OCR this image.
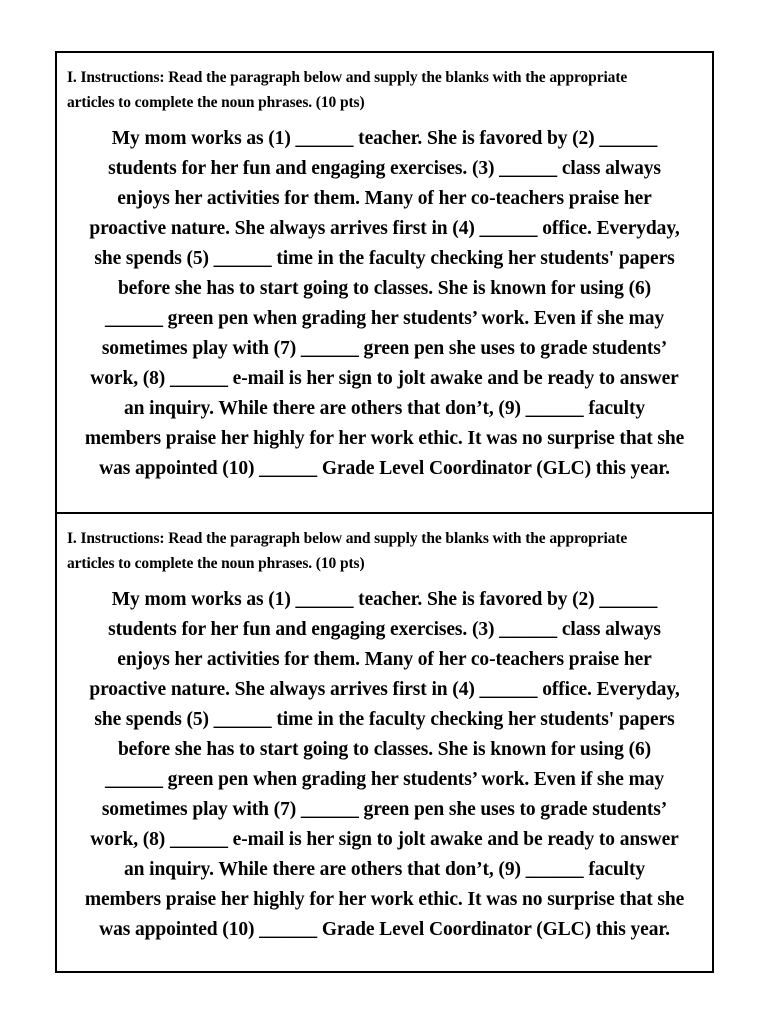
I. Instructions: Read the paragraph below and supply the blanks with the appropriate
articles to complete the noun phrases. (10 pts)

My mom works as (1) ______ teacher. She is favored by (2) ______
students for her fun and engaging exercises. (3) ______ class always
enjoys her activities for them. Many of her co-teachers praise her
proactive nature. She always arrives first in (4) ______ office. Everyday,
she spends (5) ______ time in the faculty checking her students' papers
before she has to start going to classes. She is known for using (6)
______ green pen when grading her students’ work. Even if she may
sometimes play with (7) ______ green pen she uses to grade students’
work, (8) ______ e-mail is her sign to jolt awake and be ready to answer
an inquiry. While there are others that don’t, (9) ______ faculty
members praise her highly for her work ethic. It was no surprise that she
was appointed (10) ______ Grade Level Coordinator (GLC) this year.

I. Instructions: Read the paragraph below and supply the blanks with the appropriate
articles to complete the noun phrases. (10 pts)

My mom works as (1) ______ teacher. She is favored by (2) ______
students for her fun and engaging exercises. (3) ______ class always
enjoys her activities for them. Many of her co-teachers praise her
proactive nature. She always arrives first in (4) ______ office. Everyday,
she spends (5) ______ time in the faculty checking her students' papers
before she has to start going to classes. She is known for using (6)
______ green pen when grading her students’ work. Even if she may
sometimes play with (7) ______ green pen she uses to grade students’
work, (8) ______ e-mail is her sign to jolt awake and be ready to answer
an inquiry. While there are others that don’t, (9) ______ faculty
members praise her highly for her work ethic. It was no surprise that she
was appointed (10) ______ Grade Level Coordinator (GLC) this year.
